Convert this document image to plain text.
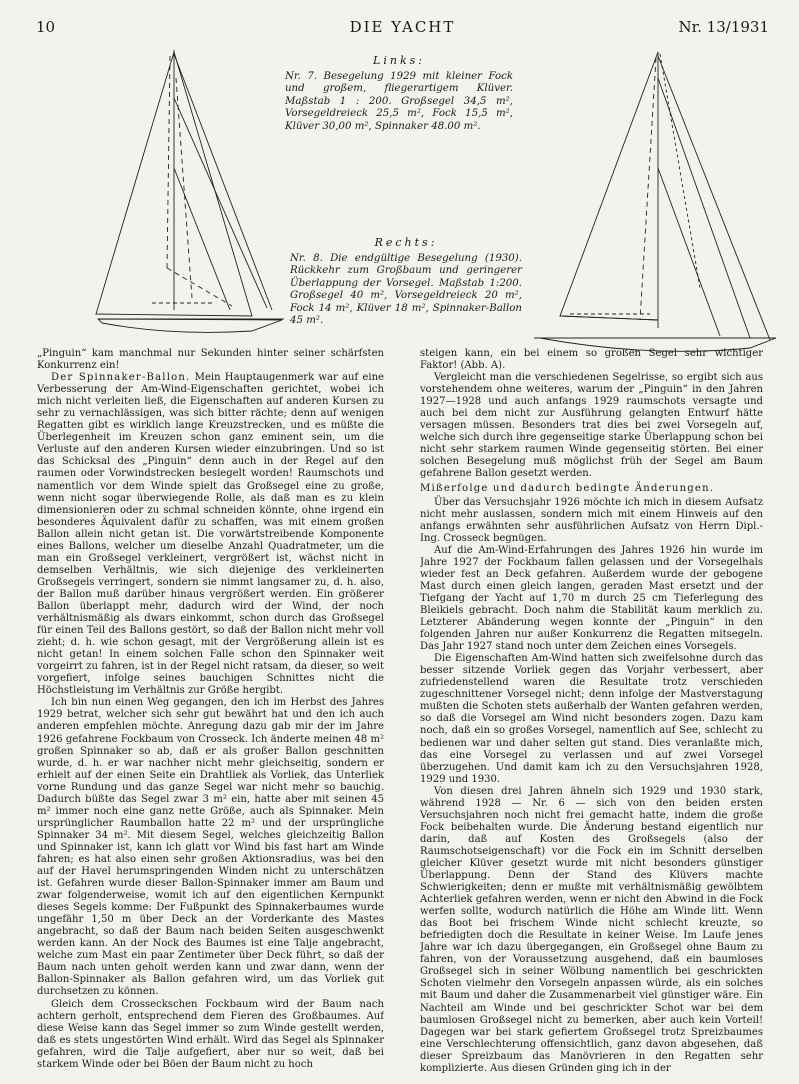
10	DIE YACHT	Nr. 13/1931
Links:
Nr. 7. Besegelung 1929 mit kleiner Fock und großem, fliegerartigem Klüver. Maßstab 1 : 200. Großsegel 34,5 m², Vorsegeldreieck 25,5 m², Fock 15,5 m², Klüver 30,00 m², Spinnaker 48.00 m².
Rechts:
Nr. 8. Die endgültige Besegelung (1930). Rückkehr zum Großbaum und geringerer Überlappung der Vorsegel. Maßstab 1:200. Großsegel 40 m², Vorsegeldreieck 20 m², Fock 14 m², Klüver 18 m², Spinnaker-Ballon 45 m².

„Pinguin“ kam manchmal nur Sekunden hinter seiner schärfsten Konkurrenz ein!

Der Spinnaker-Ballon. Mein Hauptaugenmerk war auf eine Verbesserung der Am-Wind-Eigenschaften gerichtet, wobei ich mich nicht verleiten ließ, die Eigenschaften auf anderen Kursen zu sehr zu vernachlässigen, was sich bitter rächte; denn auf wenigen Regatten gibt es wirklich lange Kreuzstrecken, und es müßte die Überlegenheit im Kreuzen schon ganz eminent sein, um die Verluste auf den anderen Kursen wieder einzubringen. Und so ist das Schicksal des „Pinguin“ denn auch in der Regel auf den raumen oder Vorwindstrecken besiegelt worden! Raumschots und namentlich vor dem Winde spielt das Großsegel eine zu große, wenn nicht sogar überwiegende Rolle, als daß man es zu klein dimensionieren oder zu schmal schneiden könnte, ohne irgend ein besonderes Äquivalent dafür zu schaffen, was mit einem großen Ballon allein nicht getan ist. Die vorwärtstreibende Komponente eines Ballons, welcher um dieselbe Anzahl Quadratmeter, um die man ein Großsegel verkleinert, vergrößert ist, wächst nicht in demselben Verhältnis, wie sich diejenige des verkleinerten Großsegels verringert, sondern sie nimmt langsamer zu, d. h. also, der Ballon muß darüber hinaus vergrößert werden. Ein größerer Ballon überlappt mehr, dadurch wird der Wind, der noch verhältnismäßig als dwars einkommt, schon durch das Großsegel für einen Teil des Ballons gestört, so daß der Ballon nicht mehr voll zieht; d. h. wie schon gesagt, mit der Vergrößerung allein ist es nicht getan! In einem solchen Falle schon den Spinnaker weit vorgeirrt zu fahren, ist in der Regel nicht ratsam, da dieser, so weit vorgefiert, infolge seines bauchigen Schnittes nicht die Höchstleistung im Verhältnis zur Größe hergibt.

Ich bin nun einen Weg gegangen, den ich im Herbst des Jahres 1929 betrat, welcher sich sehr gut bewährt hat und den ich auch anderen empfehlen möchte. Anregung dazu gab mir der im Jahre 1926 gefahrene Fockbaum von Crosseck. Ich änderte meinen 48 m² großen Spinnaker so ab, daß er als großer Ballon geschnitten wurde, d. h. er war nachher nicht mehr gleichseitig, sondern er erhielt auf der einen Seite ein Drahtliek als Vorliek, das Unterliek vorne Rundung und das ganze Segel war nicht mehr so bauchig. Dadurch büßte das Segel zwar 3 m² ein, hatte aber mit seinen 45 m² immer noch eine ganz nette Größe, auch als Spinnaker. Mein ursprünglicher Raumballon hatte 22 m² und der ursprüngliche Spinnaker 34 m². Mit diesem Segel, welches gleichzeitig Ballon und Spinnaker ist, kann ich glatt vor Wind bis fast hart am Winde fahren; es hat also einen sehr großen Aktionsradius, was bei den auf der Havel herumspringenden Winden nicht zu unterschätzen ist. Gefahren wurde dieser Ballon-Spinnaker immer am Baum und zwar folgenderweise, womit ich auf den eigentlichen Kernpunkt dieses Segels komme: Der Fußpunkt des Spinnakerbaumes wurde ungefähr 1,50 m über Deck an der Vorderkante des Mastes angebracht, so daß der Baum nach beiden Seiten ausgeschwenkt werden kann. An der Nock des Baumes ist eine Talje angebracht, welche zum Mast ein paar Zentimeter über Deck führt, so daß der Baum nach unten geholt werden kann und zwar dann, wenn der Ballon-Spinnaker als Ballon gefahren wird, um das Vorliek gut durchsetzen zu können.

Gleich dem Crosseckschen Fockbaum wird der Baum nach achtern gerholt, entsprechend dem Fieren des Großbaumes. Auf diese Weise kann das Segel immer so zum Winde gestellt werden, daß es stets ungestörten Wind erhält. Wird das Segel als Spinnaker gefahren, wird die Talje aufgefiert, aber nur so weit, daß bei starkem Winde oder bei Böen der Baum nicht zu hoch

steigen kann, ein bei einem so großen Segel sehr wichtiger Faktor! (Abb. A).

Vergleicht man die verschiedenen Segelrisse, so ergibt sich aus vorstehendem ohne weiteres, warum der „Pinguin“ in den Jahren 1927—1928 und auch anfangs 1929 raumschots versagte und auch bei dem nicht zur Ausführung gelangten Entwurf hätte versagen müssen. Besonders trat dies bei zwei Vorsegeln auf, welche sich durch ihre gegenseitige starke Überlappung schon bei nicht sehr starkem raumen Winde gegenseitig störten. Bei einer solchen Besegelung muß möglichst früh der Segel am Baum gefahrene Ballon gesetzt werden.

Mißerfolge und dadurch bedingte Änderungen.

Über das Versuchsjahr 1926 möchte ich mich in diesem Aufsatz nicht mehr auslassen, sondern mich mit einem Hinweis auf den anfangs erwähnten sehr ausführlichen Aufsatz von Herrn Dipl.-Ing. Crosseck begnügen.

Auf die Am-Wind-Erfahrungen des Jahres 1926 hin wurde im Jahre 1927 der Fockbaum fallen gelassen und der Vorsegelhals wieder fest an Deck gefahren. Außerdem wurde der gebogene Mast durch einen gleich langen, geraden Mast ersetzt und der Tiefgang der Yacht auf 1,70 m durch 25 cm Tieferlegung des Bleikiels gebracht. Doch nahm die Stabilität kaum merklich zu. Letzterer Abänderung wegen konnte der „Pinguin“ in den folgenden Jahren nur außer Konkurrenz die Regatten mitsegeln. Das Jahr 1927 stand noch unter dem Zeichen eines Vorsegels.

Die Eigenschaften Am-Wind hatten sich zweifelsohne durch das besser sitzende Vorliek gegen das Vorjahr verbessert, aber zufriedenstellend waren die Resultate trotz verschieden zugeschnittener Vorsegel nicht; denn infolge der Mastverstagung mußten die Schoten stets außerhalb der Wanten gefahren werden, so daß die Vorsegel am Wind nicht besonders zogen. Dazu kam noch, daß ein so großes Vorsegel, namentlich auf See, schlecht zu bedienen war und daher selten gut stand. Dies veranlaßte mich, das eine Vorsegel zu verlassen und auf zwei Vorsegel überzugehen. Und damit kam ich zu den Versuchsjahren 1928, 1929 und 1930.

Von diesen drei Jahren ähneln sich 1929 und 1930 stark, während 1928 — Nr. 6 — sich von den beiden ersten Versuchsjahren noch nicht frei gemacht hatte, indem die große Fock beibehalten wurde. Die Änderung bestand eigentlich nur darin, daß auf Kosten des Großsegels (also der Raumschotseigenschaft) vor die Fock ein im Schnitt derselben gleicher Klüver gesetzt wurde mit nicht besonders günstiger Überlappung. Denn der Stand des Klüvers machte Schwierigkeiten; denn er mußte mit verhältnismäßig gewölbtem Achterliek gefahren werden, wenn er nicht den Abwind in die Fock werfen sollte, wodurch natürlich die Höhe am Winde litt. Wenn das Boot bei frischem Winde nicht schlecht kreuzte, so befriedigten doch die Resultate in keiner Weise. Im Laufe jenes Jahre war ich dazu übergegangen, ein Großsegel ohne Baum zu fahren, von der Voraussetzung ausgehend, daß ein baumloses Großsegel sich in seiner Wölbung namentlich bei geschrickten Schoten vielmehr den Vorsegeln anpassen würde, als ein solches mit Baum und daher die Zusammenarbeit viel günstiger wäre. Ein Nachteil am Winde und bei geschrickter Schot war bei dem baumlosen Großsegel nicht zu bemerken, aber auch kein Vorteil! Dagegen war bei stark gefiertem Großsegel trotz Spreizbaumes eine Verschlechterung offensichtlich, ganz davon abgesehen, daß dieser Spreizbaum das Manövrieren in den Regatten sehr komplizierte. Aus diesen Gründen ging ich in der
